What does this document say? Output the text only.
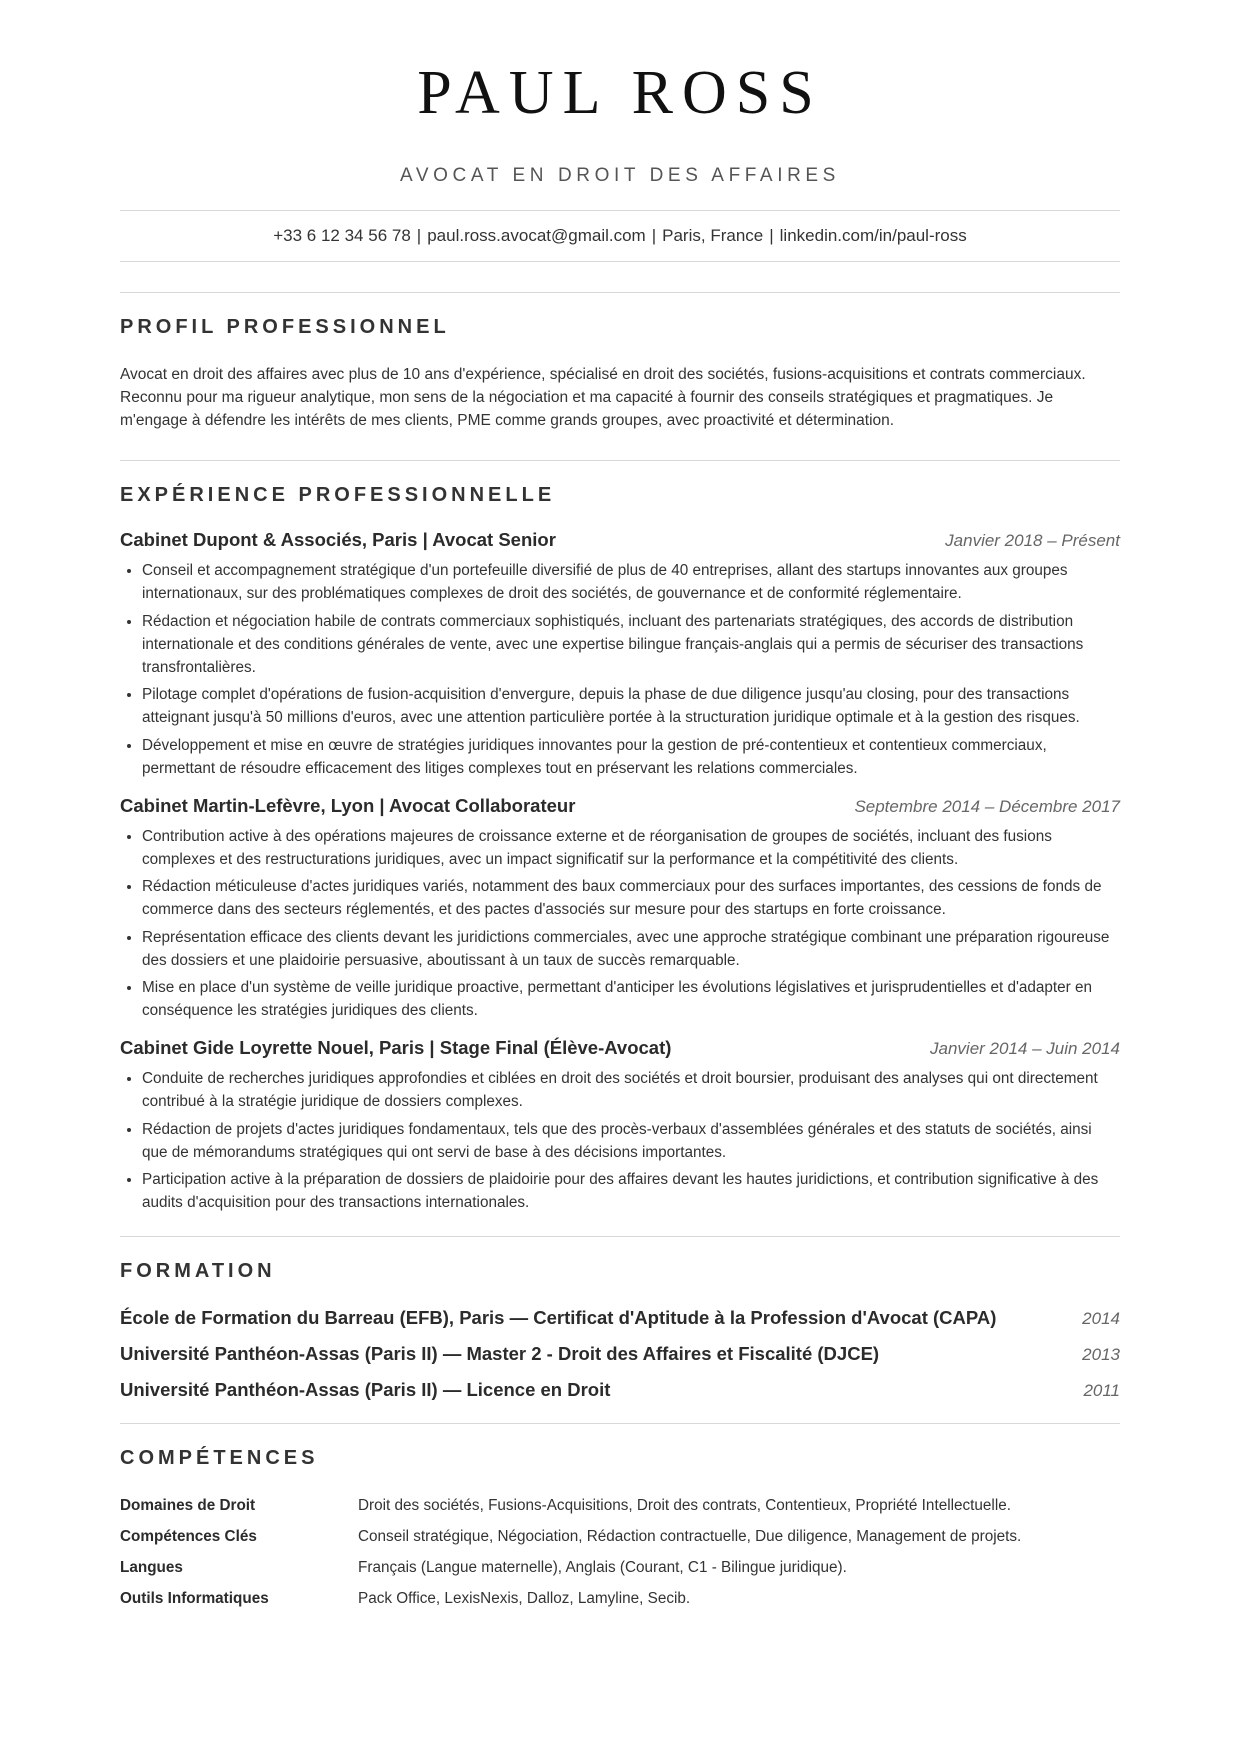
PAUL ROSS
AVOCAT EN DROIT DES AFFAIRES
+33 6 12 34 56 78 | paul.ross.avocat@gmail.com | Paris, France | linkedin.com/in/paul-ross
PROFIL PROFESSIONNEL

Avocat en droit des affaires avec plus de 10 ans d'expérience, spécialisé en droit des sociétés, fusions-acquisitions et contrats commerciaux. Reconnu pour ma rigueur analytique, mon sens de la négociation et ma capacité à fournir des conseils stratégiques et pragmatiques. Je m'engage à défendre les intérêts de mes clients, PME comme grands groupes, avec proactivité et détermination.

EXPÉRIENCE PROFESSIONNELLE
Cabinet Dupont & Associés, Paris | Avocat Senior	Janvier 2018 – Présent
• Conseil et accompagnement stratégique d'un portefeuille diversifié de plus de 40 entreprises, allant des startups innovantes aux groupes internationaux, sur des problématiques complexes de droit des sociétés, de gouvernance et de conformité réglementaire.
• Rédaction et négociation habile de contrats commerciaux sophistiqués, incluant des partenariats stratégiques, des accords de distribution internationale et des conditions générales de vente, avec une expertise bilingue français-anglais qui a permis de sécuriser des transactions transfrontalières.
• Pilotage complet d'opérations de fusion-acquisition d'envergure, depuis la phase de due diligence jusqu'au closing, pour des transactions atteignant jusqu'à 50 millions d'euros, avec une attention particulière portée à la structuration juridique optimale et à la gestion des risques.
• Développement et mise en œuvre de stratégies juridiques innovantes pour la gestion de pré-contentieux et contentieux commerciaux, permettant de résoudre efficacement des litiges complexes tout en préservant les relations commerciales.
Cabinet Martin-Lefèvre, Lyon | Avocat Collaborateur	Septembre 2014 – Décembre 2017
• Contribution active à des opérations majeures de croissance externe et de réorganisation de groupes de sociétés, incluant des fusions complexes et des restructurations juridiques, avec un impact significatif sur la performance et la compétitivité des clients.
• Rédaction méticuleuse d'actes juridiques variés, notamment des baux commerciaux pour des surfaces importantes, des cessions de fonds de commerce dans des secteurs réglementés, et des pactes d'associés sur mesure pour des startups en forte croissance.
• Représentation efficace des clients devant les juridictions commerciales, avec une approche stratégique combinant une préparation rigoureuse des dossiers et une plaidoirie persuasive, aboutissant à un taux de succès remarquable.
• Mise en place d'un système de veille juridique proactive, permettant d'anticiper les évolutions législatives et jurisprudentielles et d'adapter en conséquence les stratégies juridiques des clients.
Cabinet Gide Loyrette Nouel, Paris | Stage Final (Élève-Avocat)	Janvier 2014 – Juin 2014
• Conduite de recherches juridiques approfondies et ciblées en droit des sociétés et droit boursier, produisant des analyses qui ont directement contribué à la stratégie juridique de dossiers complexes.
• Rédaction de projets d'actes juridiques fondamentaux, tels que des procès-verbaux d'assemblées générales et des statuts de sociétés, ainsi que de mémorandums stratégiques qui ont servi de base à des décisions importantes.
• Participation active à la préparation de dossiers de plaidoirie pour des affaires devant les hautes juridictions, et contribution significative à des audits d'acquisition pour des transactions internationales.
FORMATION
École de Formation du Barreau (EFB), Paris — Certificat d'Aptitude à la Profession d'Avocat (CAPA)	2014
Université Panthéon-Assas (Paris II) — Master 2 - Droit des Affaires et Fiscalité (DJCE)	2013
Université Panthéon-Assas (Paris II) — Licence en Droit	2011
COMPÉTENCES
Domaines de Droit	Droit des sociétés, Fusions-Acquisitions, Droit des contrats, Contentieux, Propriété Intellectuelle.
Compétences Clés	Conseil stratégique, Négociation, Rédaction contractuelle, Due diligence, Management de projets.
Langues	Français (Langue maternelle), Anglais (Courant, C1 - Bilingue juridique).
Outils Informatiques	Pack Office, LexisNexis, Dalloz, Lamyline, Secib.
